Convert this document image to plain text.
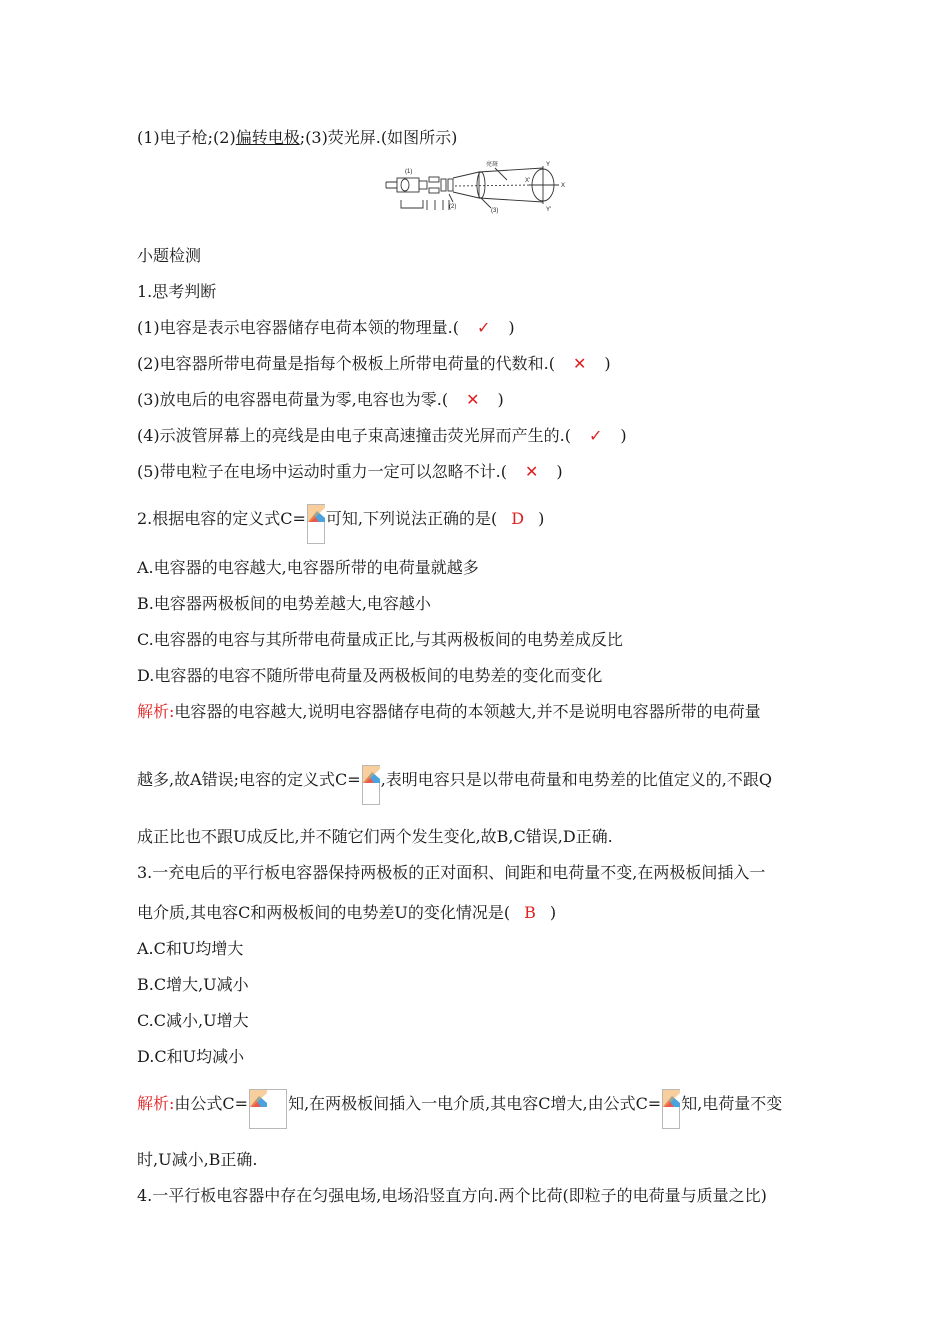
(1)电子枪;(2)偏转电极;(3)荧光屏.(如图所示)
亮斑
(1)
(2)
(3)
Y
Y'
X
X'
小题检测
1.思考判断
(1)电容是表示电容器储存电荷本领的物理量.( ✓ )
(2)电容器所带电荷量是指每个极板上所带电荷量的代数和.( ✕ )
(3)放电后的电容器电荷量为零,电容也为零.( ✕ )
(4)示波管屏幕上的亮线是由电子束高速撞击荧光屏而产生的.( ✓ )
(5)带电粒子在电场中运动时重力一定可以忽略不计.( ✕ )
2.根据电容的定义式C= 可知,下列说法正确的是( D )
A.电容器的电容越大,电容器所带的电荷量就越多
B.电容器两极板间的电势差越大,电容越小
C.电容器的电容与其所带电荷量成正比,与其两极板间的电势差成反比
D.电容器的电容不随所带电荷量及两极板间的电势差的变化而变化
解析:电容器的电容越大,说明电容器储存电荷的本领越大,并不是说明电容器所带的电荷量
越多,故A错误;电容的定义式C= ,表明电容只是以带电荷量和电势差的比值定义的,不跟Q
成正比也不跟U成反比,并不随它们两个发生变化,故B,C错误,D正确.
3.一充电后的平行板电容器保持两极板的正对面积、间距和电荷量不变,在两极板间插入一
电介质,其电容C和两极板间的电势差U的变化情况是( B )
A.C和U均增大
B.C增大,U减小
C.C减小,U增大
D.C和U均减小
解析:由公式C=	知,在两极板间插入一电介质,其电容C增大,由公式C= 知,电荷量不变
时,U减小,B正确.
4.一平行板电容器中存在匀强电场,电场沿竖直方向.两个比荷(即粒子的电荷量与质量之比)
